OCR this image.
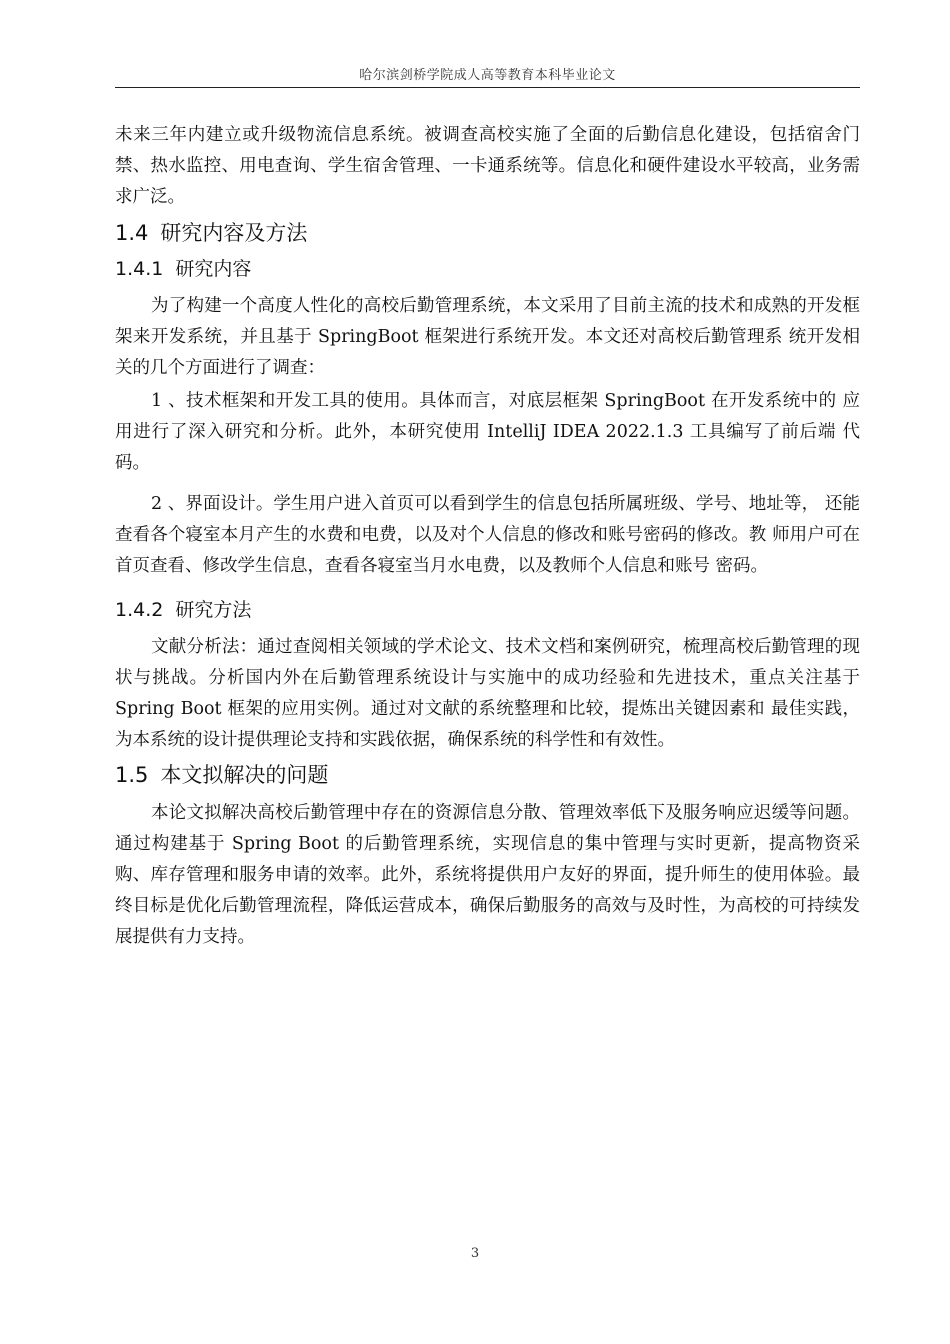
哈尔滨剑桥学院成人高等教育本科毕业论文

未来三年内建立或升级物流信息系统。被调查高校实施了全面的后勤信息化建设，包括宿舍门禁、热水监控、用电查询、学生宿舍管理、一卡通系统等。信息化和硬件建设水平较高，业务需求广泛。

1.4 研究内容及方法
1.4.1 研究内容

为了构建一个高度人性化的高校后勤管理系统，本文采用了目前主流的技术和成熟的开发框架来开发系统，并且基于 SpringBoot 框架进行系统开发。本文还对高校后勤管理系 统开发相关的几个方面进行了调查：

1 、技术框架和开发工具的使用。具体而言，对底层框架 SpringBoot 在开发系统中的 应用进行了深入研究和分析。此外，本研究使用 IntelliJ IDEA 2022.1.3 工具编写了前后端 代码。

2 、界面设计。学生用户进入首页可以看到学生的信息包括所属班级、学号、地址等， 还能查看各个寝室本月产生的水费和电费，以及对个人信息的修改和账号密码的修改。教 师用户可在首页查看、修改学生信息，查看各寝室当月水电费，以及教师个人信息和账号 密码。

1.4.2 研究方法

文献分析法：通过查阅相关领域的学术论文、技术文档和案例研究，梳理高校后勤管理的现状与挑战。分析国内外在后勤管理系统设计与实施中的成功经验和先进技术，重点关注基于 Spring Boot 框架的应用实例。通过对文献的系统整理和比较，提炼出关键因素和 最佳实践，为本系统的设计提供理论支持和实践依据，确保系统的科学性和有效性。

1.5 本文拟解决的问题

本论文拟解决高校后勤管理中存在的资源信息分散、管理效率低下及服务响应迟缓等问题。通过构建基于 Spring Boot 的后勤管理系统，实现信息的集中管理与实时更新，提高物资采购、库存管理和服务申请的效率。此外，系统将提供用户友好的界面，提升师生的使用体验。最终目标是优化后勤管理流程，降低运营成本，确保后勤服务的高效与及时性，为高校的可持续发展提供有力支持。

3
